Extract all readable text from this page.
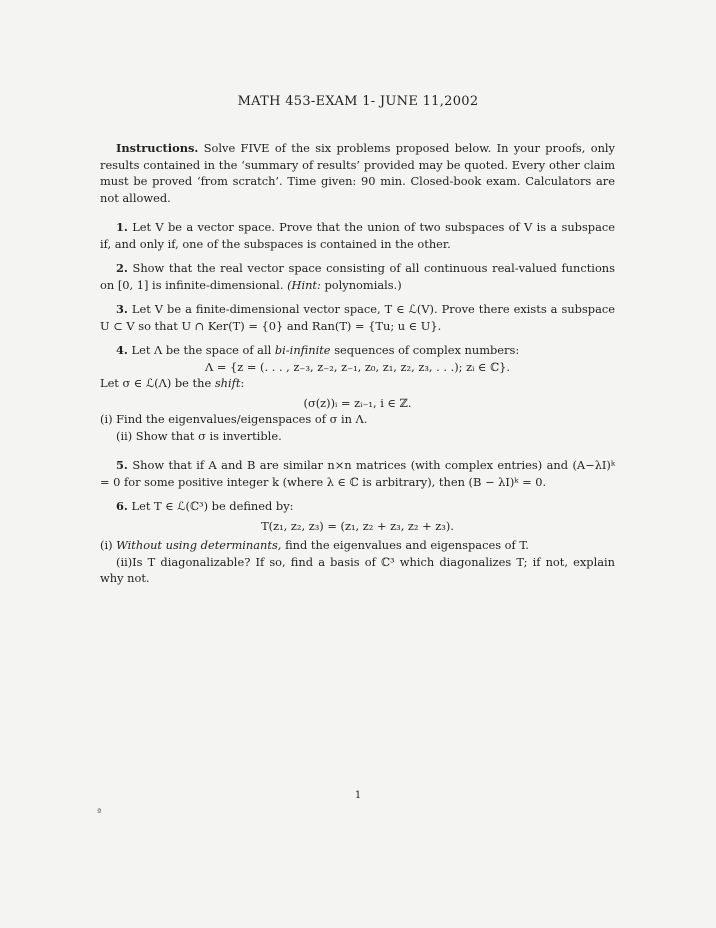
MATH 453-EXAM 1- JUNE 11,2002
Instructions. Solve FIVE of the six problems proposed below. In your proofs, only results contained in the ‘summary of results’ provided may be quoted. Every other claim must be proved ‘from scratch’. Time given: 90 min. Closed-book exam. Calculators are not allowed.
1. Let V be a vector space. Prove that the union of two subspaces of V is a subspace if, and only if, one of the subspaces is contained in the other.
2. Show that the real vector space consisting of all continuous real-valued functions on [0, 1] is infinite-dimensional. (Hint: polynomials.)
3. Let V be a finite-dimensional vector space, T ∈ ℒ(V). Prove there exists a subspace U ⊂ V so that U ∩ Ker(T) = {0} and Ran(T) = {Tu; u ∈ U}.

4. Let Λ be the space of all bi-infinite sequences of complex numbers:

Λ = {z = (. . . , z₋₃, z₋₂, z₋₁, z₀, z₁, z₂, z₃, . . .); zᵢ ∈ ℂ}.

Let σ ∈ ℒ(Λ) be the shift:

(σ(z))ᵢ = zᵢ₋₁, i ∈ ℤ.

(i) Find the eigenvalues/eigenspaces of σ in Λ.

(ii) Show that σ is invertible.

5. Show that if A and B are similar n×n matrices (with complex entries) and (A−λI)ᵏ = 0 for some positive integer k (where λ ∈ ℂ is arbitrary), then (B − λI)ᵏ = 0.

6. Let T ∈ ℒ(ℂ³) be defined by:

T(z₁, z₂, z₃) = (z₁, z₂ + z₃, z₂ + z₃).

(i) Without using determinants, find the eigenvalues and eigenspaces of T.

(ii)Is T diagonalizable? If so, find a basis of ℂ³ which diagonalizes T; if not, explain why not.

1
ª
